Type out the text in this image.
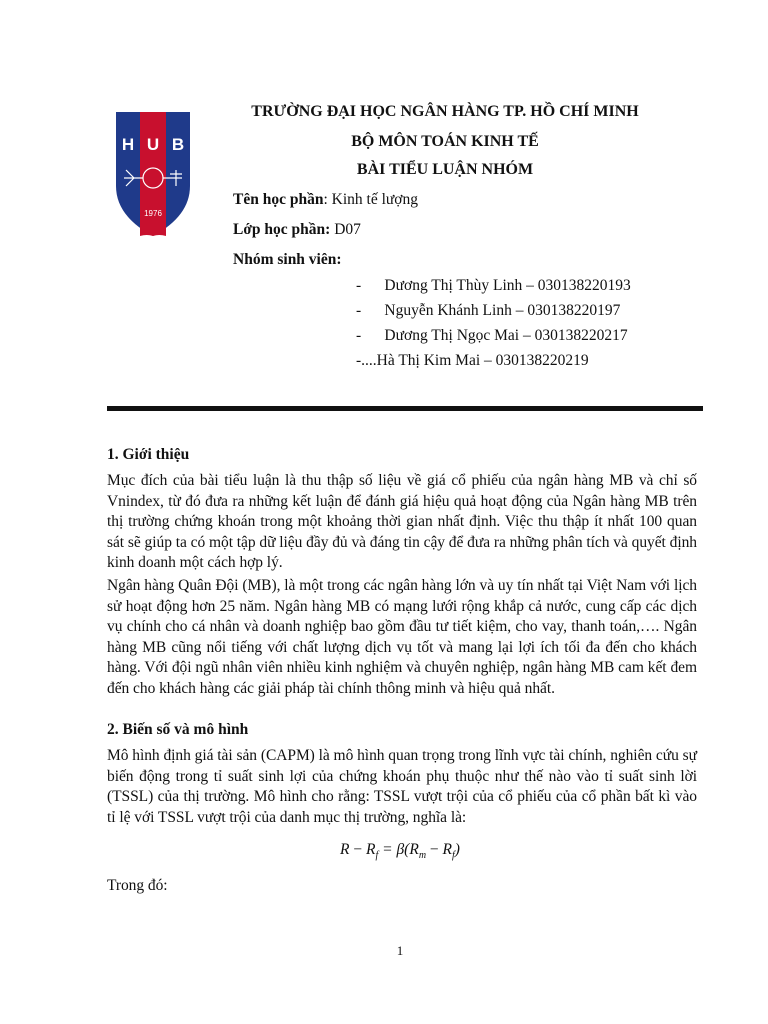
H U B
1976
TRƯỜNG ĐẠI HỌC NGÂN HÀNG TP. HỒ CHÍ MINH
BỘ MÔN TOÁN KINH TẾ
BÀI TIỂU LUẬN NHÓM
Tên học phần: Kinh tế lượng
Lớp học phần: D07
Nhóm sinh viên:
-      Dương Thị Thùy Linh – 030138220193
-      Nguyễn Khánh Linh – 030138220197
-      Dương Thị Ngọc Mai – 030138220217
-....Hà Thị Kim Mai – 030138220219
1. Giới thiệu
Mục đích của bài tiểu luận là thu thập số liệu về giá cổ phiếu của ngân hàng MB và chỉ số Vnindex, từ đó đưa ra những kết luận để đánh giá hiệu quả hoạt động của Ngân hàng MB trên thị trường chứng khoán trong một khoảng thời gian nhất định. Việc thu thập ít nhất 100 quan sát sẽ giúp ta có một tập dữ liệu đầy đủ và đáng tin cậy để đưa ra những phân tích và quyết định kinh doanh một cách hợp lý.
Ngân hàng Quân Đội (MB), là một trong các ngân hàng lớn và uy tín nhất tại Việt Nam với lịch sử hoạt động hơn 25 năm. Ngân hàng MB có mạng lưới rộng khắp cả nước, cung cấp các dịch vụ chính cho cá nhân và doanh nghiệp bao gồm đầu tư tiết kiệm, cho vay, thanh toán,…. Ngân hàng MB cũng nổi tiếng với chất lượng dịch vụ tốt và mang lại lợi ích tối đa đến cho khách hàng. Với đội ngũ nhân viên nhiều kinh nghiệm và chuyên nghiệp, ngân hàng MB cam kết đem đến cho khách hàng các giải pháp tài chính thông minh và hiệu quả nhất.
2. Biến số và mô hình
Mô hình định giá tài sản (CAPM) là mô hình quan trọng trong lĩnh vực tài chính, nghiên cứu sự biến động trong tỉ suất sinh lợi của chứng khoán phụ thuộc như thế nào vào tỉ suất sinh lời (TSSL) của thị trường. Mô hình cho rằng: TSSL vượt trội của cổ phiếu của cổ phần bất kì vào tỉ lệ với TSSL vượt trội của danh mục thị trường, nghĩa là:
$R - R_f = \beta(R_m - R_f)$
Trong đó:
1
